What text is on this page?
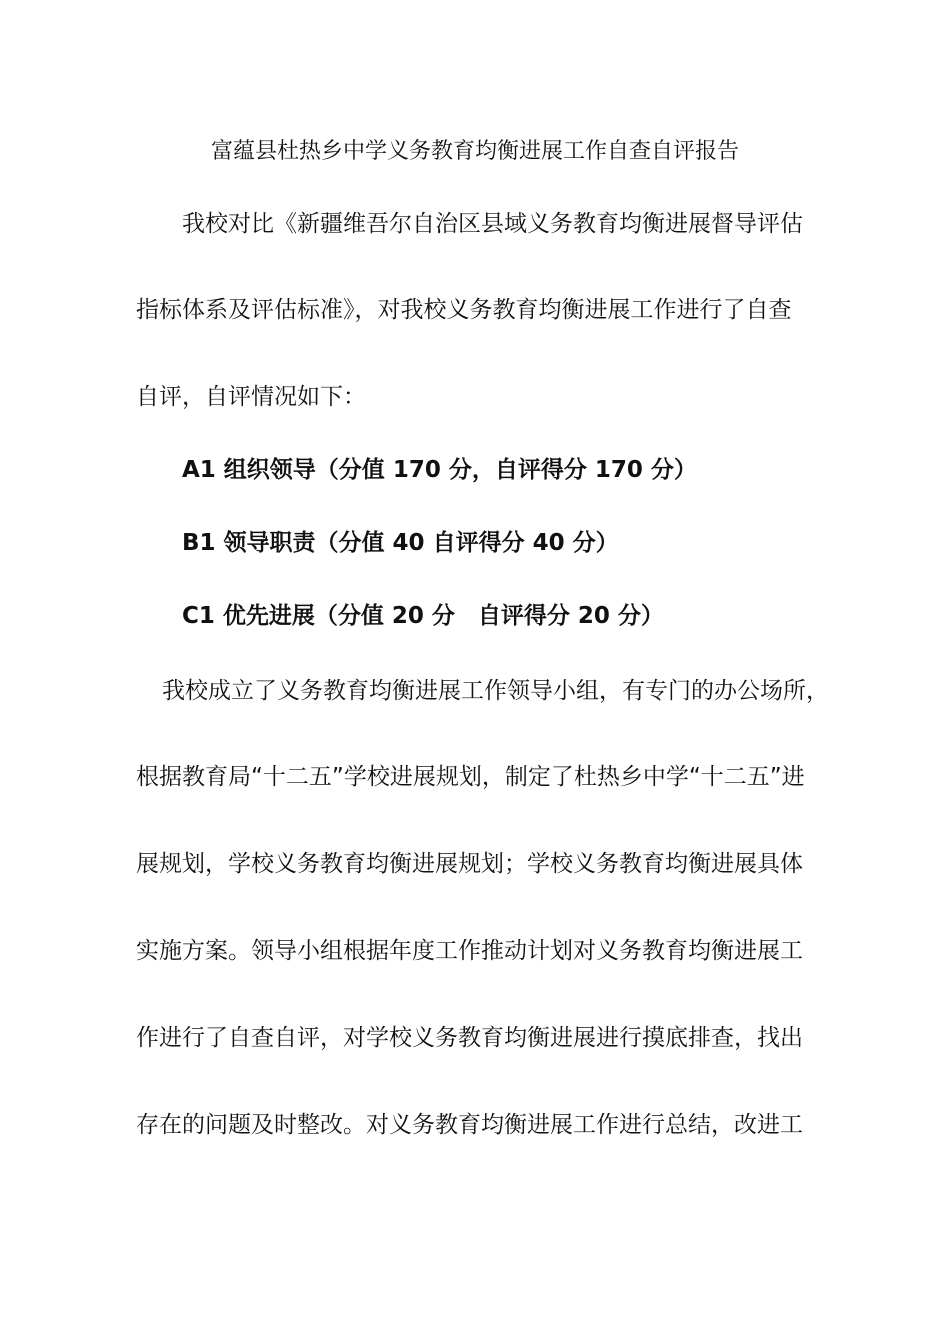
富蕴县杜热乡中学义务教育均衡进展工作自查自评报告
我校对比《新疆维吾尔自治区县域义务教育均衡进展督导评估
指标体系及评估标准》，对我校义务教育均衡进展工作进行了自查
自评，自评情况如下：
A1 组织领导（分值 170 分，自评得分 170 分）
B1 领导职责（分值 40 自评得分 40 分）
C1 优先进展（分值 20 分　自评得分 20 分）
我校成立了义务教育均衡进展工作领导小组，有专门的办公场所，
根据教育局“十二五”学校进展规划，制定了杜热乡中学“十二五”进
展规划，学校义务教育均衡进展规划；学校义务教育均衡进展具体
实施方案。领导小组根据年度工作推动计划对义务教育均衡进展工
作进行了自查自评，对学校义务教育均衡进展进行摸底排查，找出
存在的问题及时整改。对义务教育均衡进展工作进行总结，改进工
